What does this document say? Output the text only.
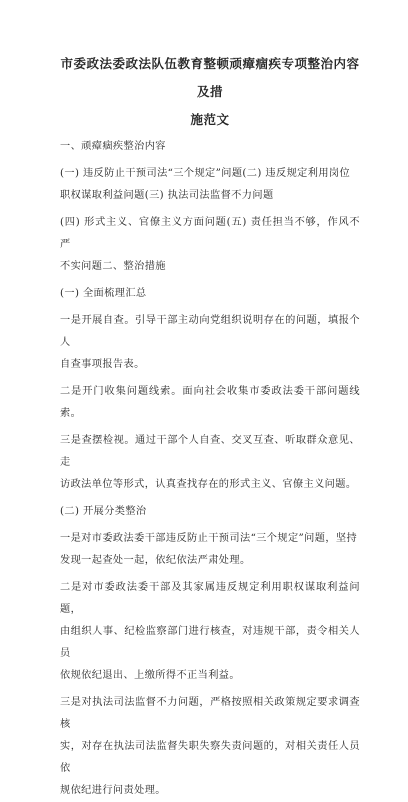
市委政法委政法队伍教育整顿顽瘴痼疾专项整治内容及措
施范文
一、顽瘴痼疾整治内容
(一) 违反防止干预司法“三个规定”问题(二) 违反规定利用岗位
职权谋取利益问题(三) 执法司法监督不力问题
(四) 形式主义、官僚主义方面问题(五) 责任担当不够，作风不严
不实问题二、整治措施
(一) 全面梳理汇总
一是开展自查。引导干部主动向党组织说明存在的问题，填报个人
自查事项报告表。
二是开门收集问题线索。面向社会收集市委政法委干部问题线索。
三是查摆检视。通过干部个人自查、交叉互查、听取群众意见、走
访政法单位等形式，认真查找存在的形式主义、官僚主义问题。
(二) 开展分类整治
一是对市委政法委干部违反防止干预司法“三个规定”问题，坚持
发现一起查处一起，依纪依法严肃处理。
二是对市委政法委干部及其家属违反规定利用职权谋取利益问题，
由组织人事、纪检监察部门进行核查，对违规干部，责令相关人员
依规依纪退出、上缴所得不正当利益。
三是对执法司法监督不力问题，严格按照相关政策规定要求调查核
实，对存在执法司法监督失职失察失责问题的，对相关责任人员依
规依纪进行问责处理。
